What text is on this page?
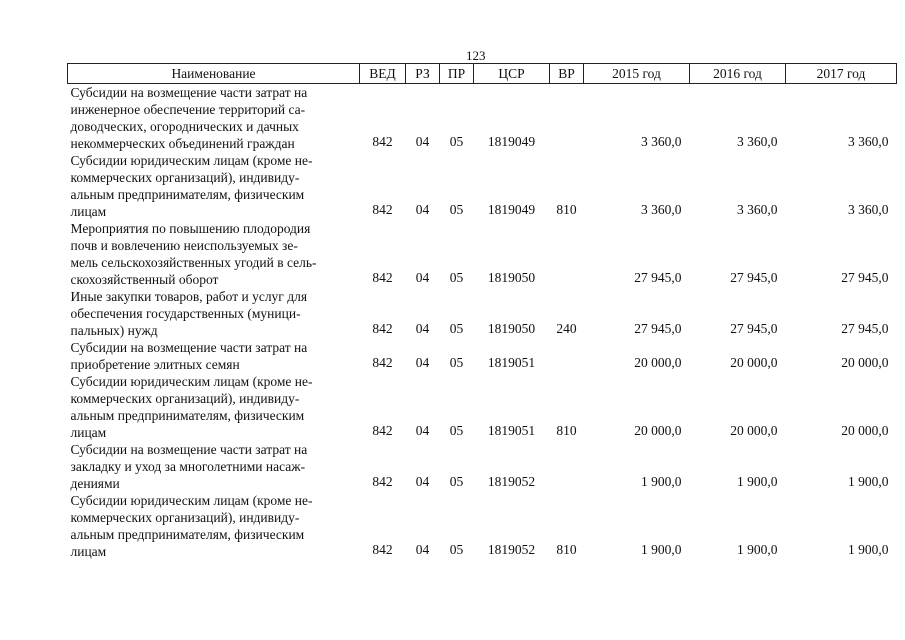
123
Наименование	ВЕД	РЗ	ПР	ЦСР	ВР	2015 год	2016 год	2017 год

Субсидии на возмещение части затрат на
инженерное обеспечение территорий са-
доводческих, огороднических и дачных
некоммерческих объединений граждан	842	04	05	1819049		3 360,0	3 360,0	3 360,0

Субсидии юридическим лицам (кроме не-
коммерческих организаций), индивиду-
альным предпринимателям, физическим
лицам	842	04	05	1819049	810	3 360,0	3 360,0	3 360,0

Мероприятия по повышению плодородия
почв и вовлечению неиспользуемых зе-
мель сельскохозяйственных угодий в сель-
скохозяйственный оборот	842	04	05	1819050		27 945,0	27 945,0	27 945,0

Иные закупки товаров, работ и услуг для
обеспечения государственных (муници-
пальных) нужд	842	04	05	1819050	240	27 945,0	27 945,0	27 945,0

Субсидии на возмещение части затрат на
приобретение элитных семян	842	04	05	1819051		20 000,0	20 000,0	20 000,0

Субсидии юридическим лицам (кроме не-
коммерческих организаций), индивиду-
альным предпринимателям, физическим
лицам	842	04	05	1819051	810	20 000,0	20 000,0	20 000,0

Субсидии на возмещение части затрат на
закладку и уход за многолетними насаж-
дениями	842	04	05	1819052		1 900,0	1 900,0	1 900,0

Субсидии юридическим лицам (кроме не-
коммерческих организаций), индивиду-
альным предпринимателям, физическим
лицам	842	04	05	1819052	810	1 900,0	1 900,0	1 900,0
